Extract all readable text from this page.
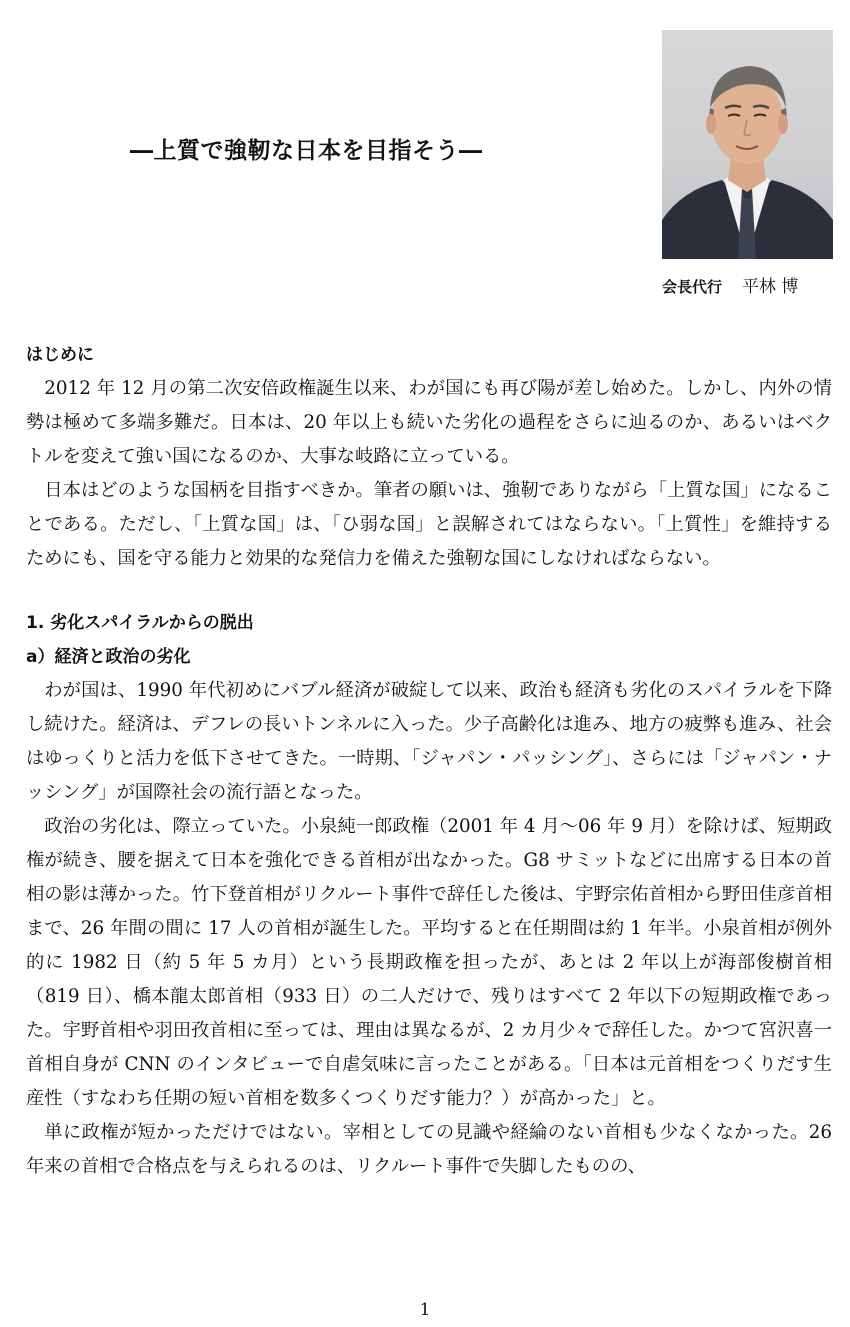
―上質で強靭な日本を目指そう―
会長代行 平林 博
はじめに

2012 年 12 月の第二次安倍政権誕生以来、わが国にも再び陽が差し始めた。しかし、内外の情勢は極めて多端多難だ。日本は、20 年以上も続いた劣化の過程をさらに辿るのか、あるいはベクトルを変えて強い国になるのか、大事な岐路に立っている。

日本はどのような国柄を目指すべきか。筆者の願いは、強靭でありながら「上質な国」になることである。ただし、「上質な国」は、「ひ弱な国」と誤解されてはならない。「上質性」を維持するためにも、国を守る能力と効果的な発信力を備えた強靭な国にしなければならない。

1. 劣化スパイラルからの脱出
a）経済と政治の劣化

わが国は、1990 年代初めにバブル経済が破綻して以来、政治も経済も劣化のスパイラルを下降し続けた。経済は、デフレの長いトンネルに入った。少子高齢化は進み、地方の疲弊も進み、社会はゆっくりと活力を低下させてきた。一時期、「ジャパン・パッシング」、さらには「ジャパン・ナッシング」が国際社会の流行語となった。

政治の劣化は、際立っていた。小泉純一郎政権（2001 年 4 月～06 年 9 月）を除けば、短期政権が続き、腰を据えて日本を強化できる首相が出なかった。G8 サミットなどに出席する日本の首相の影は薄かった。竹下登首相がリクルート事件で辞任した後は、宇野宗佑首相から野田佳彦首相まで、26 年間の間に 17 人の首相が誕生した。平均すると在任期間は約 1 年半。小泉首相が例外的に 1982 日（約 5 年 5 カ月）という長期政権を担ったが、あとは 2 年以上が海部俊樹首相（819 日）、橋本龍太郎首相（933 日）の二人だけで、残りはすべて 2 年以下の短期政権であった。宇野首相や羽田孜首相に至っては、理由は異なるが、2 カ月少々で辞任した。かつて宮沢喜一首相自身が CNN のインタビューで自虐気味に言ったことがある。「日本は元首相をつくりだす生産性（すなわち任期の短い首相を数多くつくりだす能力？）が高かった」と。

単に政権が短かっただけではない。宰相としての見識や経綸のない首相も少なくなかった。26 年来の首相で合格点を与えられるのは、リクルート事件で失脚したものの、

1
